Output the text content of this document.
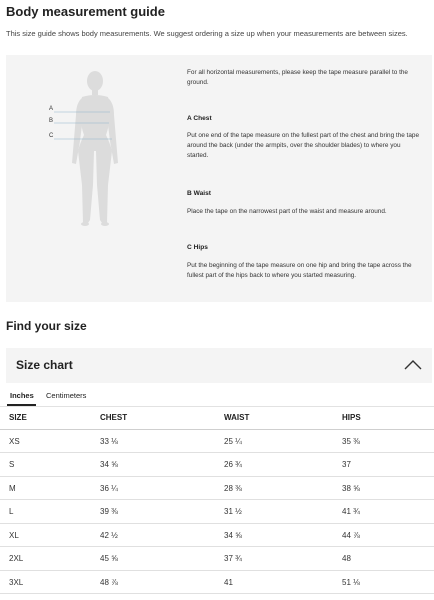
Body measurement guide
This size guide shows body measurements. We suggest ordering a size up when your measurements are between sizes.
A
B
C
For all horizontal measurements, please keep the tape measure parallel to the ground.
A Chest
Put one end of the tape measure on the fullest part of the chest and bring the tape around the back (under the armpits, over the shoulder blades) to where you started.
B Waist
Place the tape on the narrowest part of the waist and measure around.
C Hips
Put the beginning of the tape measure on one hip and bring the tape across the fullest part of the hips back to where you started measuring.
Find your size
Size chart
Inches Centimeters
SIZE	CHEST	WAIST	HIPS
XS	33 ⅛	25 ¼	35 ⅜
S	34 ⅝	26 ¾	37
M	36 ¼	28 ⅜	38 ⅝
L	39 ⅜	31 ½	41 ¾
XL	42 ½	34 ⅝	44 ⅞
2XL	45 ⅝	37 ¾	48
3XL	48 ⅞	41	51 ⅛
